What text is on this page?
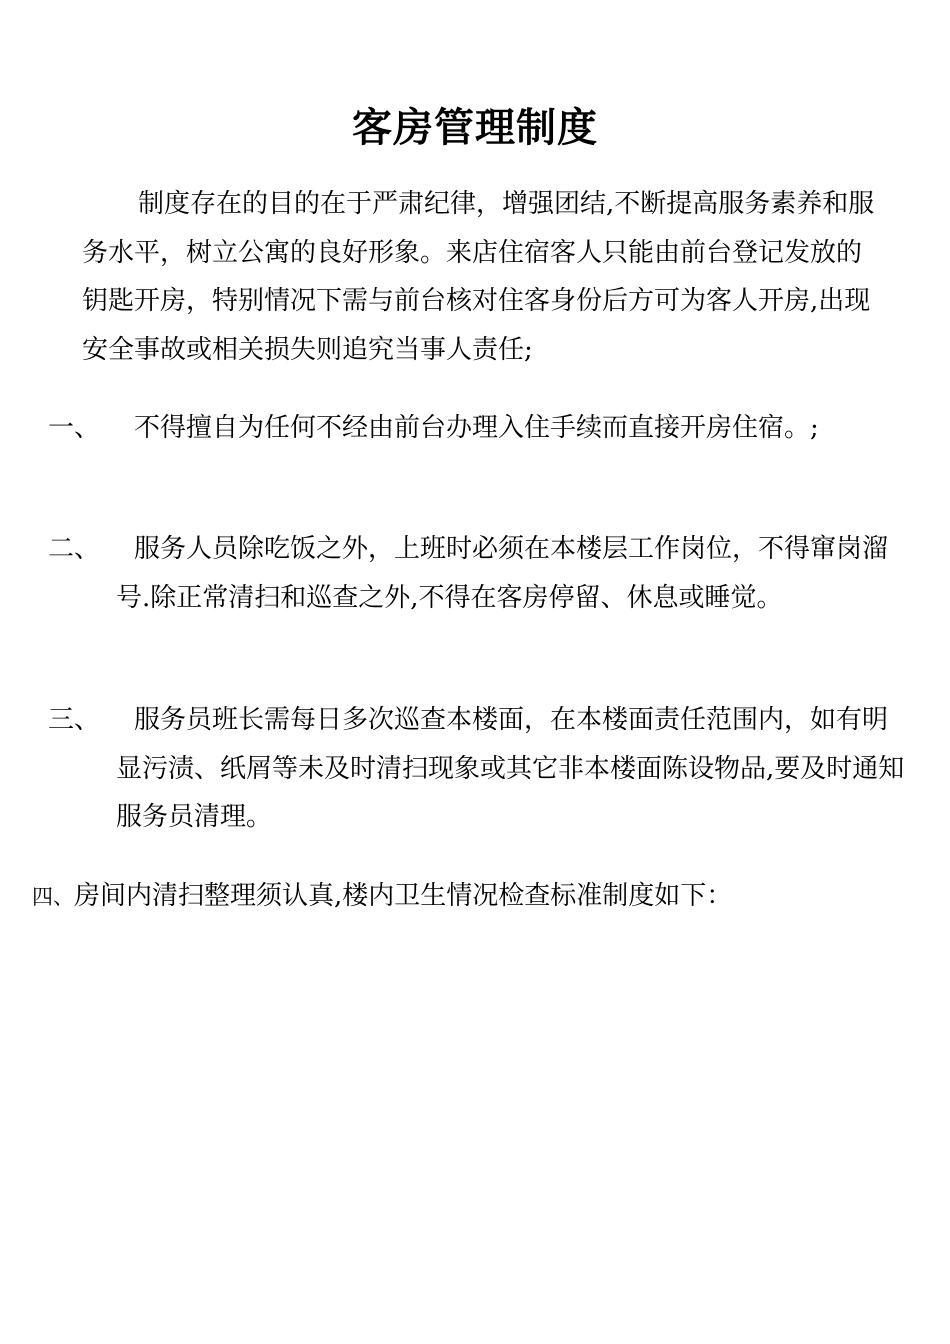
客房管理制度
制度存在的目的在于严肃纪律，增强团结,不断提高服务素养和服务水平，树立公寓的良好形象。来店住宿客人只能由前台登记发放的钥匙开房，特别情况下需与前台核对住客身份后方可为客人开房,出现安全事故或相关损失则追究当事人责任;
一、 不得擅自为任何不经由前台办理入住手续而直接开房住宿。;
二、 服务人员除吃饭之外，上班时必须在本楼层工作岗位，不得窜岗溜号.除正常清扫和巡查之外,不得在客房停留、休息或睡觉。
三、 服务员班长需每日多次巡查本楼面，在本楼面责任范围内，如有明显污渍、纸屑等未及时清扫现象或其它非本楼面陈设物品,要及时通知服务员清理。
四、房间内清扫整理须认真,楼内卫生情况检查标准制度如下：
